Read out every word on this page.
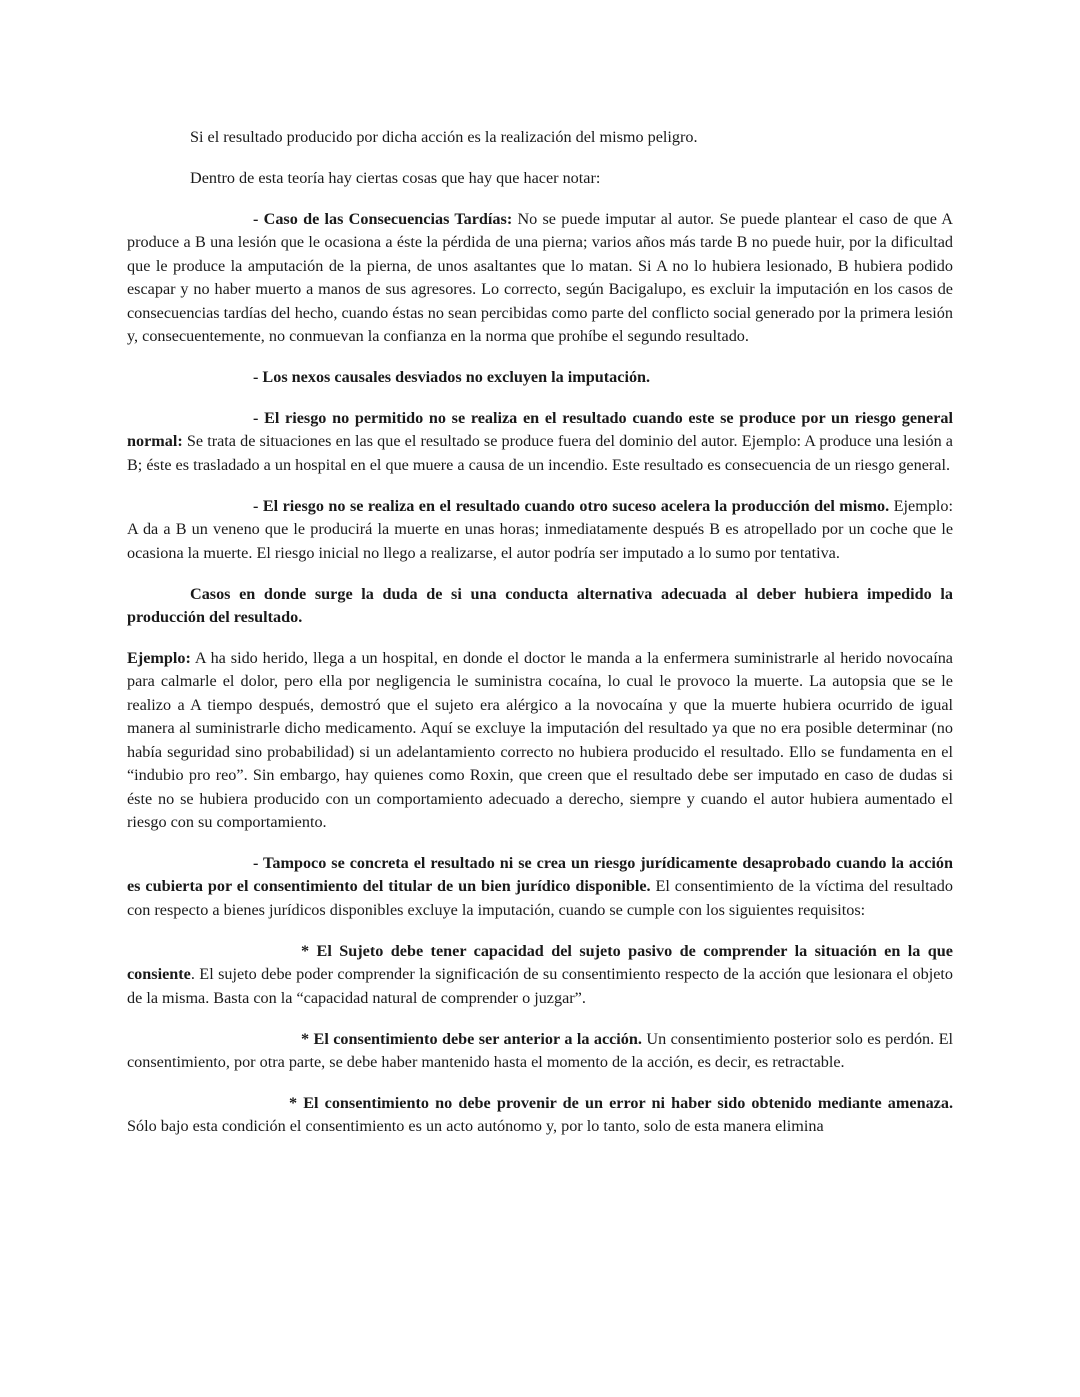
Si el resultado producido por dicha acción es la realización del mismo peligro.

Dentro de esta teoría hay ciertas cosas que hay que hacer notar:

- Caso de las Consecuencias Tardías: No se puede imputar al autor. Se puede plantear el caso de que A produce a B una lesión que le ocasiona a éste la pérdida de una pierna; varios años más tarde B no puede huir, por la dificultad que le produce la amputación de la pierna, de unos asaltantes que lo matan. Si A no lo hubiera lesionado, B hubiera podido escapar y no haber muerto a manos de sus agresores. Lo correcto, según Bacigalupo, es excluir la imputación en los casos de consecuencias tardías del hecho, cuando éstas no sean percibidas como parte del conflicto social generado por la primera lesión y, consecuentemente, no conmuevan la confianza en la norma que prohíbe el segundo resultado.

- Los nexos causales desviados no excluyen la imputación.

- El riesgo no permitido no se realiza en el resultado cuando este se produce por un riesgo general normal: Se trata de situaciones en las que el resultado se produce fuera del dominio del autor. Ejemplo: A produce una lesión a B; éste es trasladado a un hospital en el que muere a causa de un incendio. Este resultado es consecuencia de un riesgo general.

- El riesgo no se realiza en el resultado cuando otro suceso acelera la producción del mismo. Ejemplo: A da a B un veneno que le producirá la muerte en unas horas; inmediatamente después B es atropellado por un coche que le ocasiona la muerte. El riesgo inicial no llego a realizarse, el autor podría ser imputado a lo sumo por tentativa.

Casos en donde surge la duda de si una conducta alternativa adecuada al deber hubiera impedido la producción del resultado.

Ejemplo: A ha sido herido, llega a un hospital, en donde el doctor le manda a la enfermera suministrarle al herido novocaína para calmarle el dolor, pero ella por negligencia le suministra cocaína, lo cual le provoco la muerte. La autopsia que se le realizo a A tiempo después, demostró que el sujeto era alérgico a la novocaína y que la muerte hubiera ocurrido de igual manera al suministrarle dicho medicamento. Aquí se excluye la imputación del resultado ya que no era posible determinar (no había seguridad sino probabilidad) si un adelantamiento correcto no hubiera producido el resultado. Ello se fundamenta en el “indubio pro reo”. Sin embargo, hay quienes como Roxin, que creen que el resultado debe ser imputado en caso de dudas si éste no se hubiera producido con un comportamiento adecuado a derecho, siempre y cuando el autor hubiera aumentado el riesgo con su comportamiento.

- Tampoco se concreta el resultado ni se crea un riesgo jurídicamente desaprobado cuando la acción es cubierta por el consentimiento del titular de un bien jurídico disponible. El consentimiento de la víctima del resultado con respecto a bienes jurídicos disponibles excluye la imputación, cuando se cumple con los siguientes requisitos:

* El Sujeto debe tener capacidad del sujeto pasivo de comprender la situación en la que consiente. El sujeto debe poder comprender la significación de su consentimiento respecto de la acción que lesionara el objeto de la misma. Basta con la “capacidad natural de comprender o juzgar”.

* El consentimiento debe ser anterior a la acción. Un consentimiento posterior solo es perdón. El consentimiento, por otra parte, se debe haber mantenido hasta el momento de la acción, es decir, es retractable.

* El consentimiento no debe provenir de un error ni haber sido obtenido mediante amenaza. Sólo bajo esta condición el consentimiento es un acto autónomo y, por lo tanto, solo de esta manera elimina
